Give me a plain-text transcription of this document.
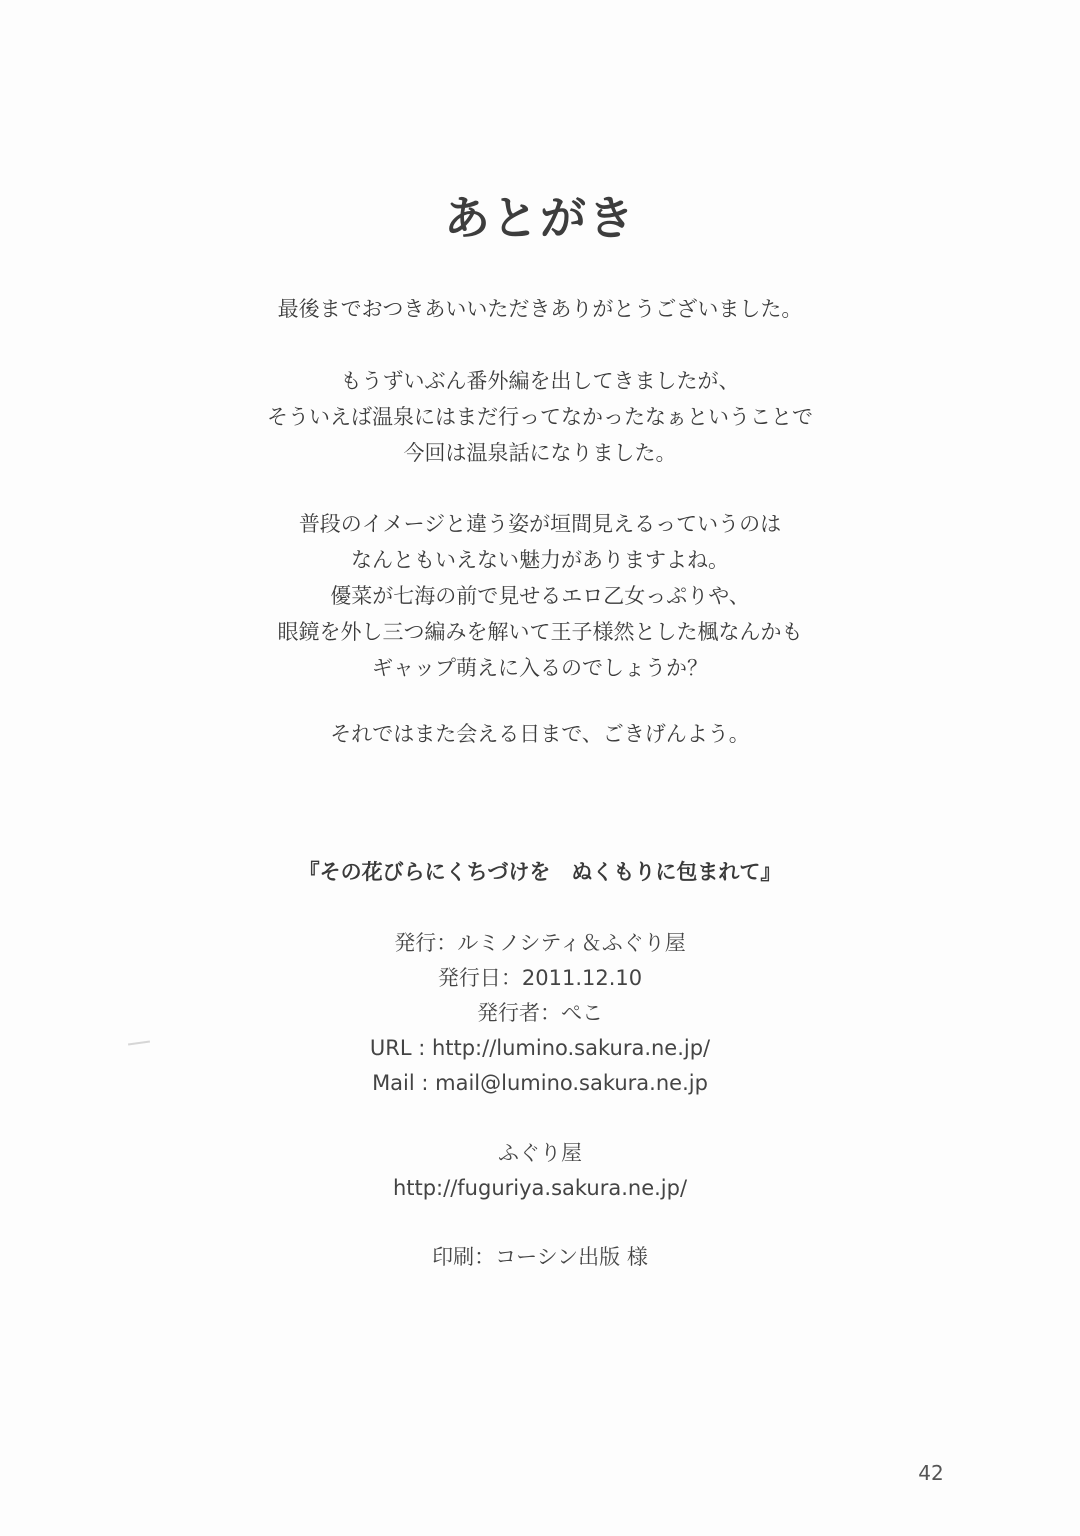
あとがき
最後までおつきあいいただきありがとうございました。
もうずいぶん番外編を出してきましたが、
そういえば温泉にはまだ行ってなかったなぁということで
今回は温泉話になりました。
普段のイメージと違う姿が垣間見えるっていうのは
なんともいえない魅力がありますよね。
優菜が七海の前で見せるエロ乙女っぷりや、
眼鏡を外し三つ編みを解いて王子様然とした楓なんかも
ギャップ萌えに入るのでしょうか？
それではまた会える日まで、ごきげんよう。
『その花びらにくちづけを　ぬくもりに包まれて』
発行：ルミノシティ＆ふぐり屋
発行日：2011.12.10
発行者：ぺこ
URL : http://lumino.sakura.ne.jp/
Mail : mail@lumino.sakura.ne.jp
ふぐり屋
http://fuguriya.sakura.ne.jp/
印刷：コーシン出版 様
42
